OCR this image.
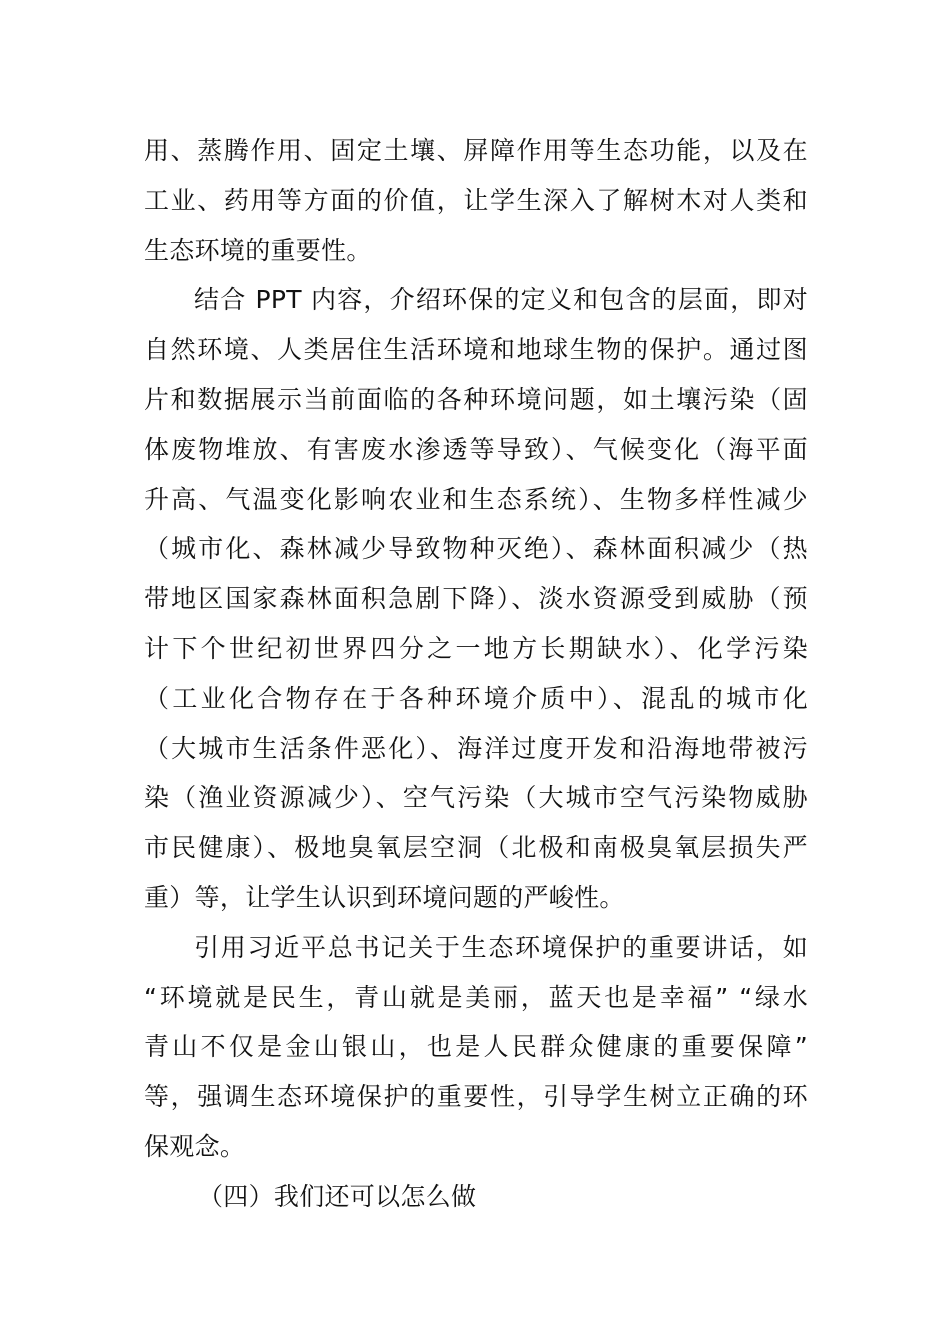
用、蒸腾作用、固定土壤、屏障作用等生态功能，以及在
工业、药用等方面的价值，让学生深入了解树木对人类和
生态环境的重要性。
结合 PPT 内容，介绍环保的定义和包含的层面，即对
自然环境、人类居住生活环境和地球生物的保护。通过图
片和数据展示当前面临的各种环境问题，如土壤污染（固
体废物堆放、有害废水渗透等导致）、气候变化（海平面
升高、气温变化影响农业和生态系统）、生物多样性减少
（城市化、森林减少导致物种灭绝）、森林面积减少（热
带地区国家森林面积急剧下降）、淡水资源受到威胁（预
计下个世纪初世界四分之一地方长期缺水）、化学污染
（工业化合物存在于各种环境介质中）、混乱的城市化
（大城市生活条件恶化）、海洋过度开发和沿海地带被污
染（渔业资源减少）、空气污染（大城市空气污染物威胁
市民健康）、极地臭氧层空洞（北极和南极臭氧层损失严
重）等，让学生认识到环境问题的严峻性。
引用习近平总书记关于生态环境保护的重要讲话，如
“环境就是民生，青山就是美丽，蓝天也是幸福” “绿水
青山不仅是金山银山，也是人民群众健康的重要保障”
等，强调生态环境保护的重要性，引导学生树立正确的环
保观念。
（四）我们还可以怎么做
